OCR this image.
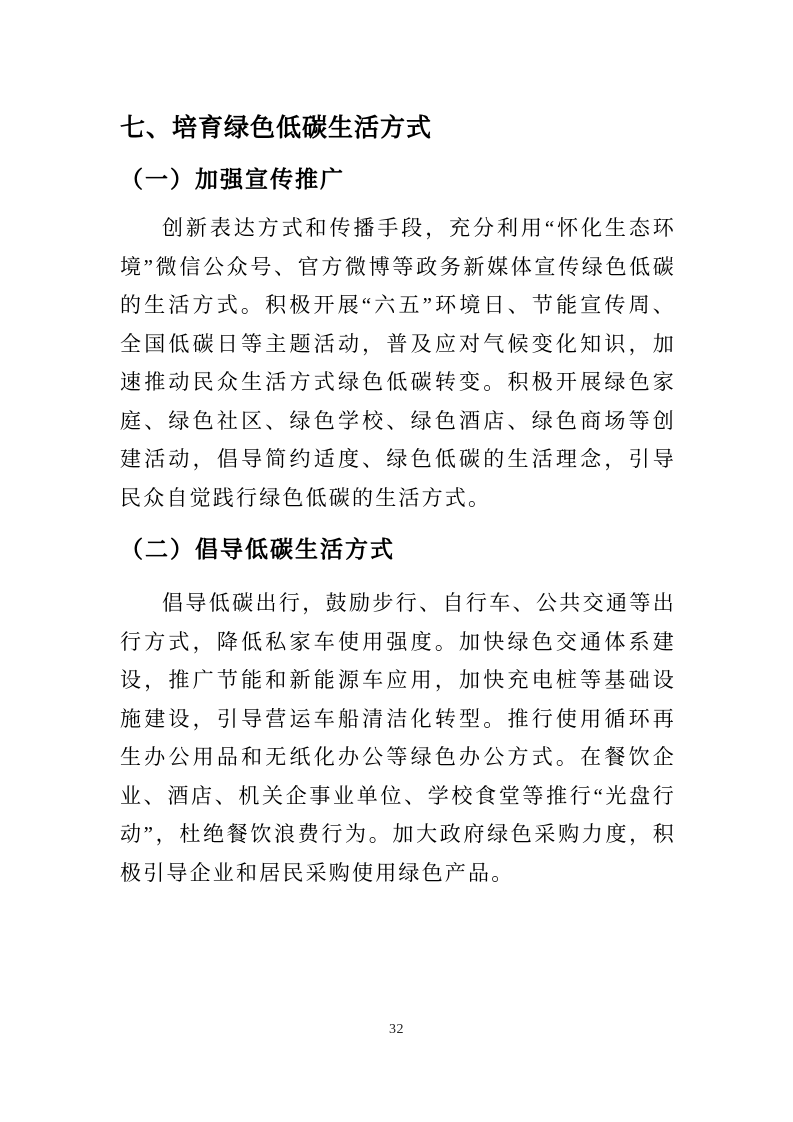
七、培育绿色低碳生活方式
（一）加强宣传推广

创新表达方式和传播手段，充分利用“怀化生态环境”微信公众号、官方微博等政务新媒体宣传绿色低碳的生活方式。积极开展“六五”环境日、节能宣传周、全国低碳日等主题活动，普及应对气候变化知识，加速推动民众生活方式绿色低碳转变。积极开展绿色家庭、绿色社区、绿色学校、绿色酒店、绿色商场等创建活动，倡导简约适度、绿色低碳的生活理念，引导民众自觉践行绿色低碳的生活方式。

（二）倡导低碳生活方式

倡导低碳出行，鼓励步行、自行车、公共交通等出行方式，降低私家车使用强度。加快绿色交通体系建设，推广节能和新能源车应用，加快充电桩等基础设施建设，引导营运车船清洁化转型。推行使用循环再生办公用品和无纸化办公等绿色办公方式。在餐饮企业、酒店、机关企事业单位、学校食堂等推行“光盘行动”，杜绝餐饮浪费行为。加大政府绿色采购力度，积极引导企业和居民采购使用绿色产品。

32
